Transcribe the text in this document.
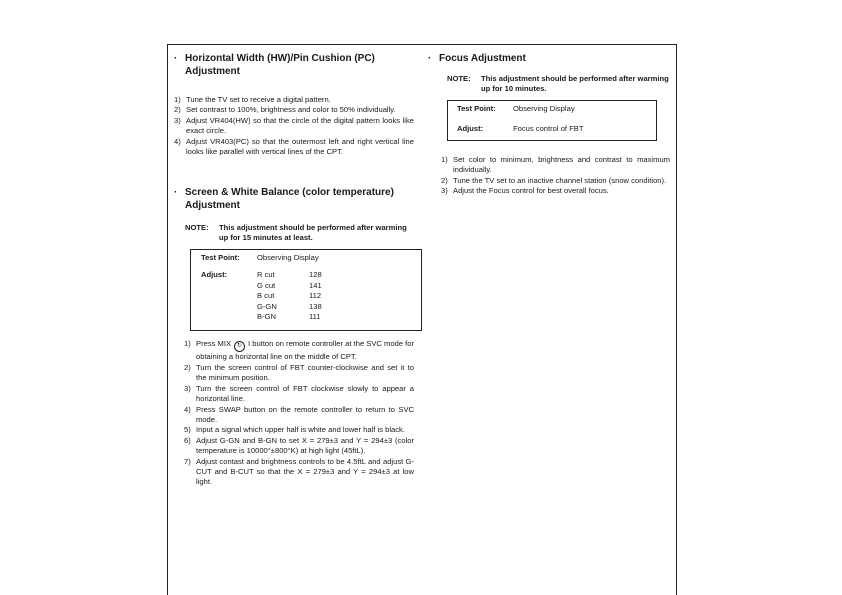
· Horizontal Width (HW)/Pin Cushion (PC)
Adjustment
1) Tune the TV set to receive a digital pattern.
2) Set contrast to 100%, brightness and color to 50% individually.
3) Adjust VR404(HW) so that the circle of the digital pattern looks like exact circle.
4) Adjust VR403(PC) so that the outermost left and right vertical line looks like parallel with vertical lines of the CPT.
· Screen & White Balance (color temperature)
Adjustment
NOTE: This adjustment should be performed after warming up for 15 minutes at least.
Test Point:	Observing Display
Adjust:	R cut	128
G cut	141
B cut	112
G-GN	138
B-GN	111
1) Press MIX ↻ I button on remote controller at the SVC mode for obtaining a horizontal line on the middle of CPT.
2) Turn the screen control of FBT counter-clockwise and set it to the minimum position.
3) Turn the screen control of FBT clockwise slowly to appear a horizontal line.
4) Press SWAP button on the remote controller to return to SVC mode.
5) Input a signal which upper half is white and lower half is black.
6) Adjust G-GN and B-GN to set X = 279±3 and Y = 294±3 (color temperature is 10000°±800°K) at high light (45ftL).
7) Adjust contast and brightness controls to be 4.5ftL and adjust G-CUT and B-CUT so that the X = 279±3 and Y = 294±3 at low light.
· Focus Adjustment
NOTE: This adjustment should be performed after warming up for 10 minutes.
Test Point:	Observing Display
Adjust:	Focus control of FBT
1) Set color to minimum, brightness and contrast to maximum individually.
2) Tune the TV set to an inactive channel station (snow condition).
3) Adjust the Focus control for best overall focus.
